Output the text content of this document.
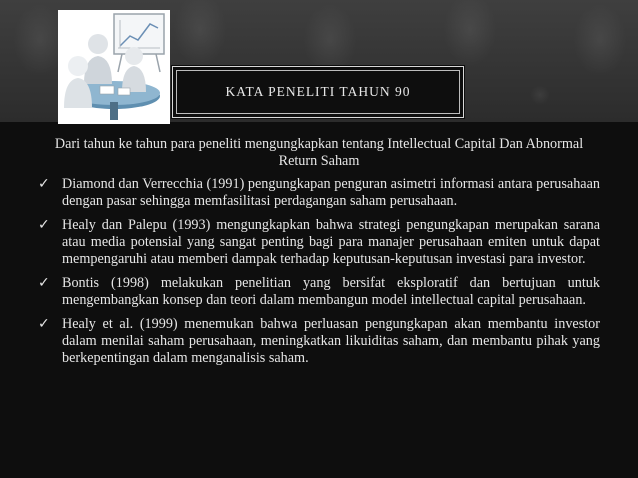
KATA PENELITI TAHUN 90

Dari tahun ke tahun para peneliti mengungkapkan tentang Intellectual Capital Dan Abnormal Return Saham

✓ Diamond dan Verrecchia (1991) pengungkapan penguran asimetri informasi antara perusahaan dengan pasar sehingga memfasilitasi perdagangan saham perusahaan.
✓ Healy dan Palepu (1993) mengungkapkan bahwa strategi pengungkapan merupakan sarana atau media potensial yang sangat penting bagi para manajer perusahaan emiten untuk dapat mempengaruhi atau memberi dampak terhadap keputusan-keputusan investasi para investor.
✓ Bontis (1998) melakukan penelitian yang bersifat eksploratif dan bertujuan untuk mengembangkan konsep dan teori dalam membangun model intellectual capital perusahaan.
✓ Healy et al. (1999) menemukan bahwa perluasan pengungkapan akan membantu investor dalam menilai saham perusahaan, meningkatkan likuiditas saham, dan membantu pihak yang berkepentingan dalam menganalisis saham.
